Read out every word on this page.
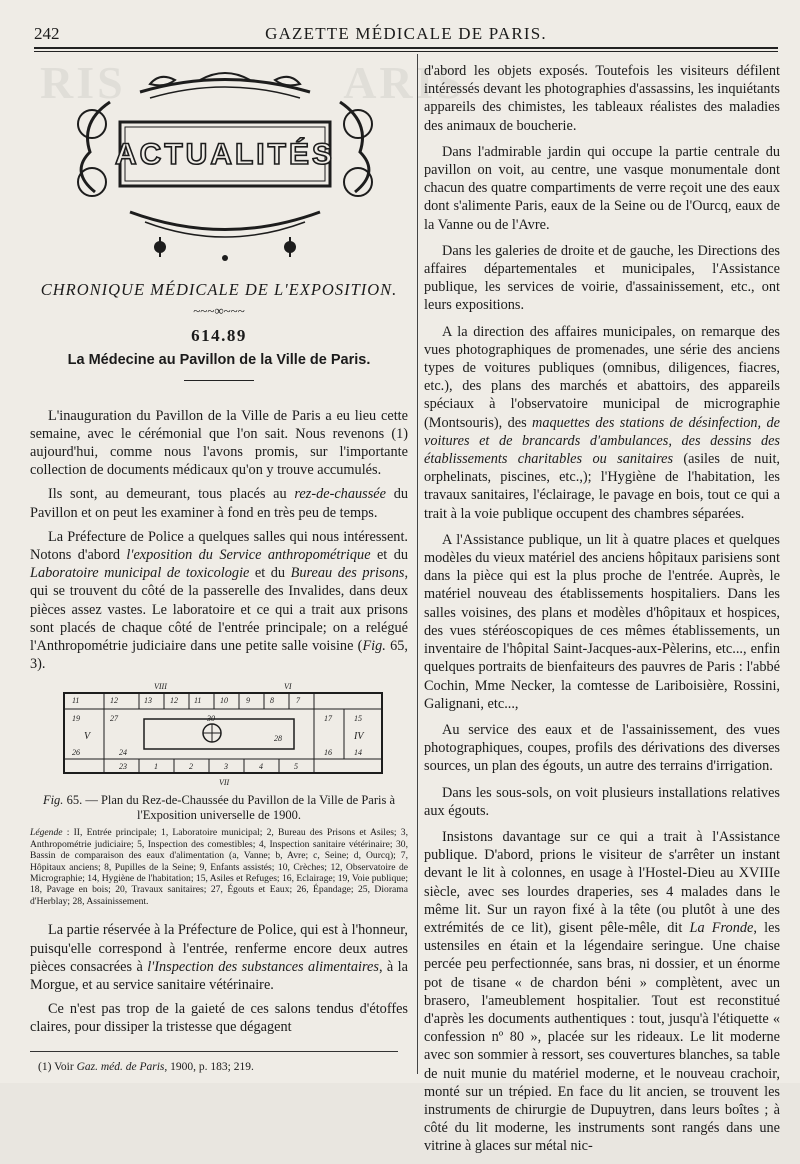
RIS               ARIS
242	GAZETTE MÉDICALE DE PARIS.
ACTUALITÉS
CHRONIQUE MÉDICALE DE L'EXPOSITION.
~~~∞~~~
614.89
La Médecine au Pavillon de la Ville de Paris.

L'inauguration du Pavillon de la Ville de Paris a eu lieu cette semaine, avec le cérémonial que l'on sait. Nous revenons (1) aujourd'hui, comme nous l'avons promis, sur l'importante collection de documents médicaux qu'on y trouve accumulés.

Ils sont, au demeurant, tous placés au rez-de-chaussée du Pavillon et on peut les examiner à fond en très peu de temps.

La Préfecture de Police a quelques salles qui nous intéressent. Notons d'abord l'exposition du Service anthropométrique et du Laboratoire municipal de toxicologie et du Bureau des prisons, qui se trouvent du côté de la passerelle des Invalides, dans deux pièces assez vastes. Le laboratoire et ce qui a trait aux prisons sont placés de chaque côté de l'entrée principale; on a relégué l'Anthropométrie judiciaire dans une petite salle voisine (Fig. 65, 3).

VIII	VI
VII
11	12	13 12 11 10 9	8	7
19
26
27	17	15
14
16
V	IV
1	2	3	4	5
23
24
30
28
Fig. 65. — Plan du Rez-de-Chaussée du Pavillon de la Ville de Paris à l'Exposition universelle de 1900.
Légende : II, Entrée principale; 1, Laboratoire municipal; 2, Bureau des Prisons et Asiles; 3, Anthropométrie judiciaire; 5, Inspection des comestibles; 4, Inspection sanitaire vétérinaire; 30, Bassin de comparaison des eaux d'alimentation (a, Vanne; b, Avre; c, Seine; d, Ourcq); 7, Hôpitaux anciens; 8, Pupilles de la Seine; 9, Enfants assistés; 10, Crèches; 12, Observatoire de Micrographie; 14, Hygiène de l'habitation; 15, Asiles et Refuges; 16, Eclairage; 19, Voie publique; 18, Pavage en bois; 20, Travaux sanitaires; 27, Égouts et Eaux; 26, Épandage; 25, Diorama d'Herblay; 28, Assainissement.

La partie réservée à la Préfecture de Police, qui est à l'honneur, puisqu'elle correspond à l'entrée, renferme encore deux autres pièces consacrées à l'Inspection des substances alimentaires, à la Morgue, et au service sanitaire vétérinaire.

Ce n'est pas trop de la gaieté de ces salons tendus d'étoffes claires, pour dissiper la tristesse que dégagent

(1) Voir Gaz. méd. de Paris, 1900, p. 183; 219.

d'abord les objets exposés. Toutefois les visiteurs défilent intéressés devant les photographies d'assassins, les inquiétants appareils des chimistes, les tableaux réalistes des maladies des animaux de boucherie.

Dans l'admirable jardin qui occupe la partie centrale du pavillon on voit, au centre, une vasque monumentale dont chacun des quatre compartiments de verre reçoit une des eaux dont s'alimente Paris, eaux de la Seine ou de l'Ourcq, eaux de la Vanne ou de l'Avre.

Dans les galeries de droite et de gauche, les Directions des affaires départementales et municipales, l'Assistance publique, les services de voirie, d'assainissement, etc., ont leurs expositions.

A la direction des affaires municipales, on remarque des vues photographiques de promenades, une série des anciens types de voitures publiques (omnibus, diligences, fiacres, etc.), des plans des marchés et abattoirs, des appareils spéciaux à l'observatoire municipal de micrographie (Montsouris), des maquettes des stations de désinfection, de voitures et de brancards d'ambulances, des dessins des établissements charitables ou sanitaires (asiles de nuit, orphelinats, piscines, etc.,); l'Hygiène de l'habitation, les travaux sanitaires, l'éclairage, le pavage en bois, tout ce qui a trait à la voie publique occupent des chambres séparées.

A l'Assistance publique, un lit à quatre places et quelques modèles du vieux matériel des anciens hôpitaux parisiens sont dans la pièce qui est la plus proche de l'entrée. Auprès, le matériel nouveau des établissements hospitaliers. Dans les salles voisines, des plans et modèles d'hôpitaux et hospices, des vues stéréoscopiques de ces mêmes établissements, un inventaire de l'hôpital Saint-Jacques-aux-Pèlerins, etc..., enfin quelques portraits de bienfaiteurs des pauvres de Paris : l'abbé Cochin, Mme Necker, la comtesse de Lariboisière, Rossini, Galignani, etc...,

Au service des eaux et de l'assainissement, des vues photographiques, coupes, profils des dérivations des diverses sources, un plan des égouts, un autre des terrains d'irrigation.

Dans les sous-sols, on voit plusieurs installations relatives aux égouts.

Insistons davantage sur ce qui a trait à l'Assistance publique. D'abord, prions le visiteur de s'arrêter un instant devant le lit à colonnes, en usage à l'Hostel-Dieu au XVIIIe siècle, avec ses lourdes draperies, ses 4 malades dans le même lit. Sur un rayon fixé à la tête (ou plutôt à une des extrémités de ce lit), gisent pêle-mêle, dit La Fronde, les ustensiles en étain et la légendaire seringue. Une chaise percée peu perfectionnée, sans bras, ni dossier, et un énorme pot de tisane « de chardon béni » complètent, avec un brasero, l'ameublement hospitalier. Tout est reconstitué d'après les documents authentiques : tout, jusqu'à l'étiquette « confession nº 80 », placée sur les rideaux. Le lit moderne avec son sommier à ressort, ses couvertures blanches, sa table de nuit munie du matériel moderne, et le nouveau crachoir, monté sur un trépied. En face du lit ancien, se trouvent les instruments de chirurgie de Dupuytren, dans leurs boîtes ; à côté du lit moderne, les instruments sont rangés dans une vitrine à glaces sur métal nic-
